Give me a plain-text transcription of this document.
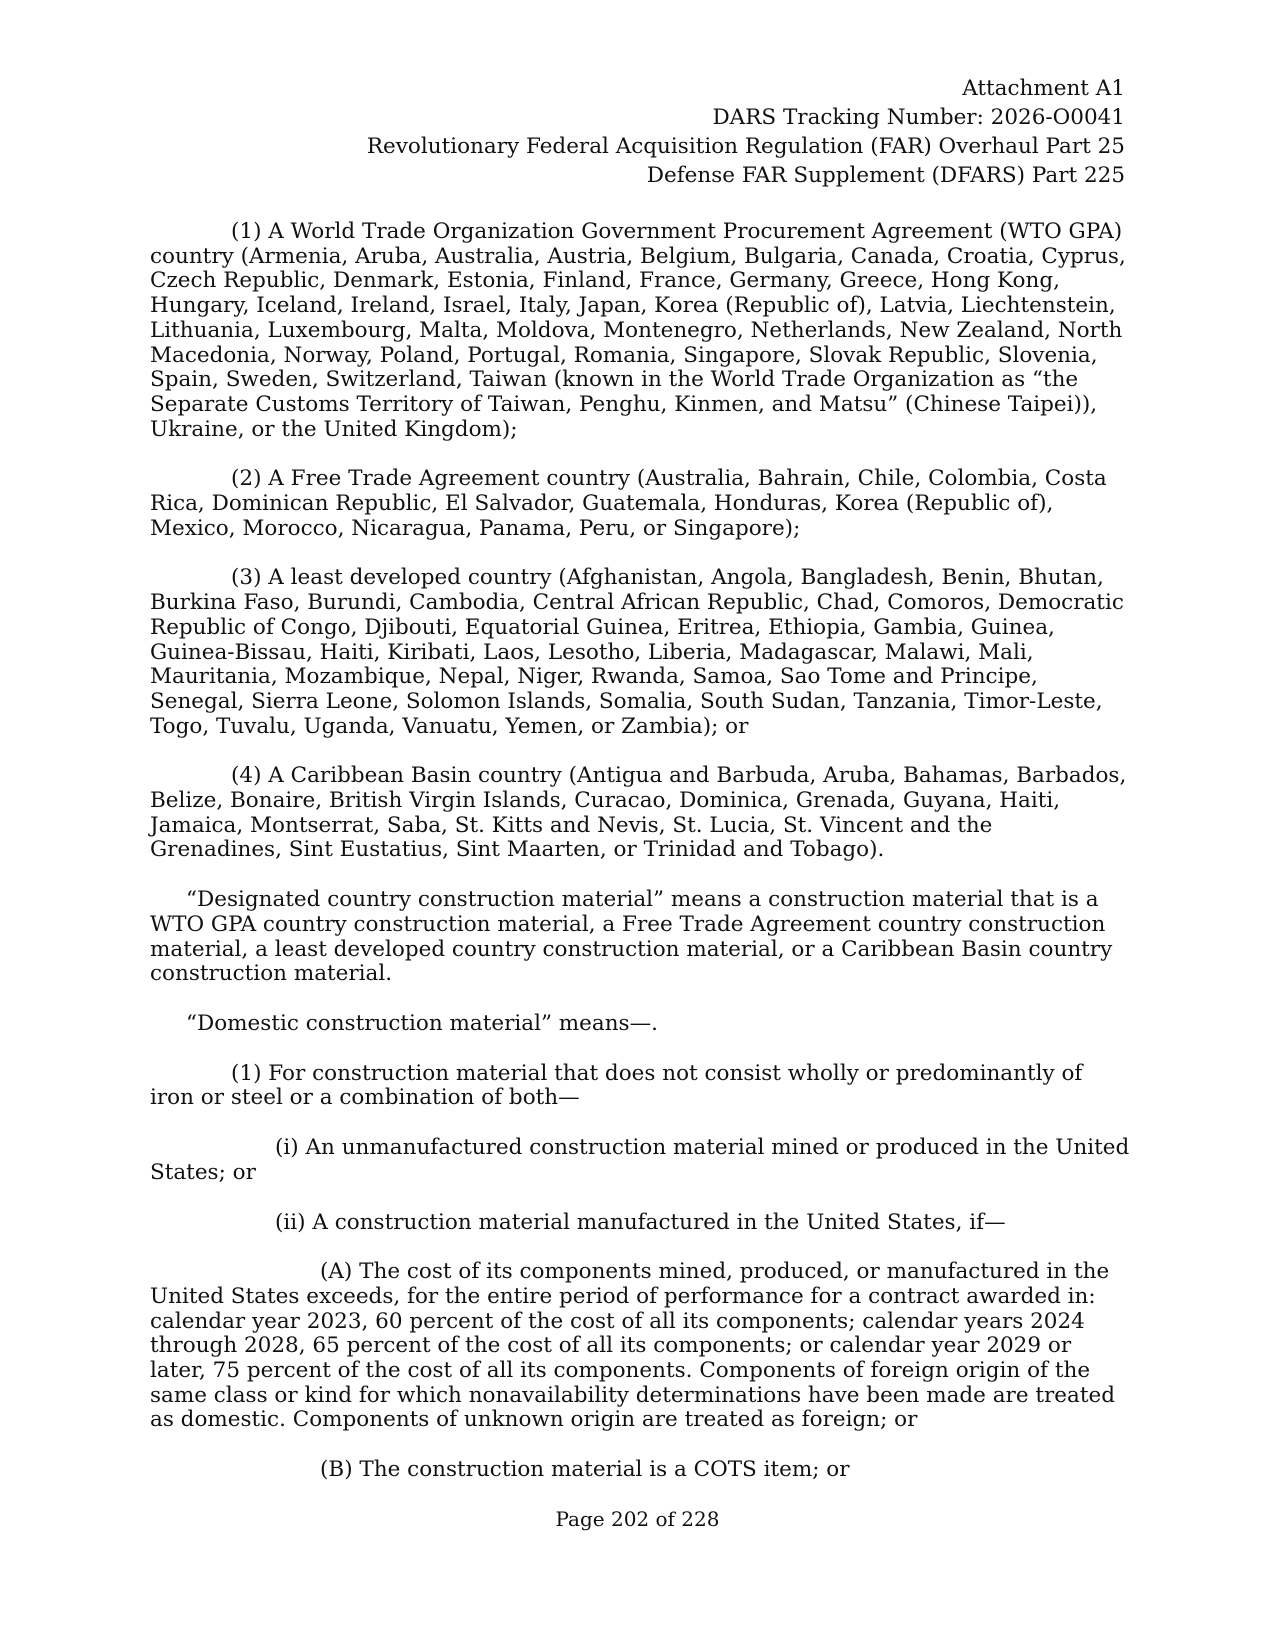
Attachment A1
DARS Tracking Number: 2026-O0041
Revolutionary Federal Acquisition Regulation (FAR) Overhaul Part 25
Defense FAR Supplement (DFARS) Part 225

(1) A World Trade Organization Government Procurement Agreement (WTO GPA) country (Armenia, Aruba, Australia, Austria, Belgium, Bulgaria, Canada, Croatia, Cyprus, Czech Republic, Denmark, Estonia, Finland, France, Germany, Greece, Hong Kong, Hungary, Iceland, Ireland, Israel, Italy, Japan, Korea (Republic of), Latvia, Liechtenstein, Lithuania, Luxembourg, Malta, Moldova, Montenegro, Netherlands, New Zealand, North Macedonia, Norway, Poland, Portugal, Romania, Singapore, Slovak Republic, Slovenia, Spain, Sweden, Switzerland, Taiwan (known in the World Trade Organization as “the Separate Customs Territory of Taiwan, Penghu, Kinmen, and Matsu” (Chinese Taipei)), Ukraine, or the United Kingdom);

(2) A Free Trade Agreement country (Australia, Bahrain, Chile, Colombia, Costa Rica, Dominican Republic, El Salvador, Guatemala, Honduras, Korea (Republic of), Mexico, Morocco, Nicaragua, Panama, Peru, or Singapore);

(3) A least developed country (Afghanistan, Angola, Bangladesh, Benin, Bhutan, Burkina Faso, Burundi, Cambodia, Central African Republic, Chad, Comoros, Democratic Republic of Congo, Djibouti, Equatorial Guinea, Eritrea, Ethiopia, Gambia, Guinea, Guinea-Bissau, Haiti, Kiribati, Laos, Lesotho, Liberia, Madagascar, Malawi, Mali, Mauritania, Mozambique, Nepal, Niger, Rwanda, Samoa, Sao Tome and Principe, Senegal, Sierra Leone, Solomon Islands, Somalia, South Sudan, Tanzania, Timor-Leste, Togo, Tuvalu, Uganda, Vanuatu, Yemen, or Zambia); or

(4) A Caribbean Basin country (Antigua and Barbuda, Aruba, Bahamas, Barbados, Belize, Bonaire, British Virgin Islands, Curacao, Dominica, Grenada, Guyana, Haiti, Jamaica, Montserrat, Saba, St. Kitts and Nevis, St. Lucia, St. Vincent and the Grenadines, Sint Eustatius, Sint Maarten, or Trinidad and Tobago).

“Designated country construction material” means a construction material that is a WTO GPA country construction material, a Free Trade Agreement country construction material, a least developed country construction material, or a Caribbean Basin country construction material.

“Domestic construction material” means—.

(1) For construction material that does not consist wholly or predominantly of iron or steel or a combination of both—

(i) An unmanufactured construction material mined or produced in the United States; or

(ii) A construction material manufactured in the United States, if—

(A) The cost of its components mined, produced, or manufactured in the United States exceeds, for the entire period of performance for a contract awarded in: calendar year 2023, 60 percent of the cost of all its components; calendar years 2024 through 2028, 65 percent of the cost of all its components; or calendar year 2029 or later, 75 percent of the cost of all its components. Components of foreign origin of the same class or kind for which nonavailability determinations have been made are treated as domestic. Components of unknown origin are treated as foreign; or

(B) The construction material is a COTS item; or

Page 202 of 228
